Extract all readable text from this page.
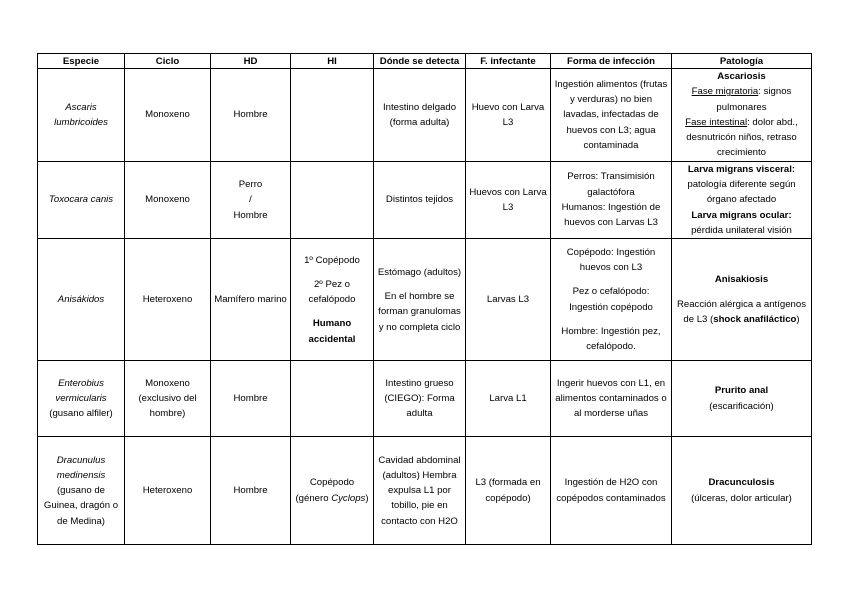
Especie	Ciclo	HD	HI	Dónde se detecta	F. infectante	Forma de infección	Patología
Ascaris lumbricoides	Monoxeno	Hombre		Intestino delgado (forma adulta)	Huevo con Larva L3	Ingestión alimentos (frutas y verduras) no bien lavadas, infectadas de huevos con L3; agua contaminada	Ascariosis
Fase migratoria: signos pulmonares
Fase intestinal: dolor abd., desnutricón niños, retraso crecimiento

Toxocara canis	Monoxeno	Perro
/
Hombre		Distintos tejidos	Huevos con Larva L3	Perros: Transimisión galactófora
Humanos: Ingestión de huevos con Larvas L3	Larva migrans visceral:
patología diferente según órgano afectado
Larva migrans ocular:
pérdida unilateral visión

Anisákidos	Heteroxeno	Mamífero marino	1º Copépodo
2º Pez o cefalópodo
Humano accidental	Estómago (adultos)
En el hombre se forman granulomas y no completa ciclo	Larvas L3	Copépodo: Ingestión huevos con L3
Pez o cefalópodo: Ingestión copépodo
Hombre: Ingestión pez, cefalópodo.	Anisakiosis
Reacción alérgica a antígenos de L3 (shock anafiláctico)

Enterobius vermicularis
(gusano alfiler)	Monoxeno (exclusivo del hombre)	Hombre		Intestino grueso (CIEGO): Forma adulta	Larva L1	Ingerir huevos con L1, en alimentos contaminados o al morderse uñas	Prurito anal
(escarificación)

Dracunulus medinensis
(gusano de Guinea, dragón o de Medina)	Heteroxeno	Hombre	Copépodo (género Cyclops)	Cavidad abdominal (adultos) Hembra expulsa L1 por tobillo, pie en contacto con H2O	L3 (formada en copépodo)	Ingestión de H2O con copépodos contaminados	Dracunculosis
(úlceras, dolor articular)
